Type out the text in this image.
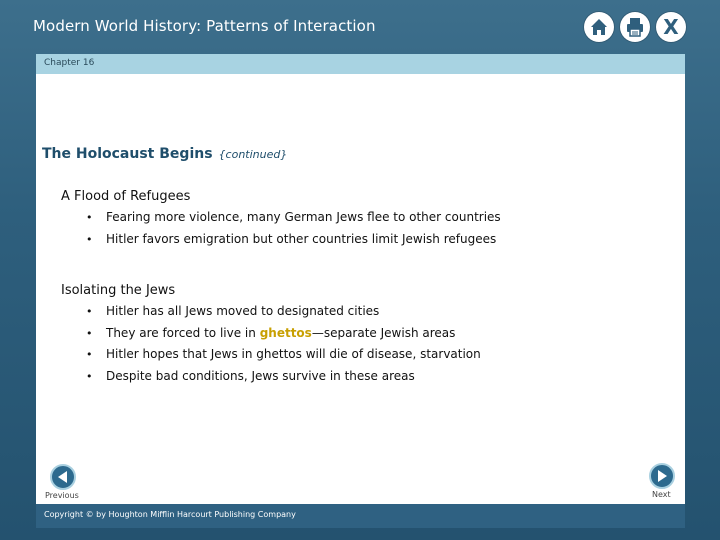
Modern World History: Patterns of Interaction	X
Chapter 16
The Holocaust Begins {continued}
A Flood of Refugees
• Fearing more violence, many German Jews flee to other countries
• Hitler favors emigration but other countries limit Jewish refugees
Isolating the Jews
• Hitler has all Jews moved to designated cities
• They are forced to live in ghettos—separate Jewish areas
• Hitler hopes that Jews in ghettos will die of disease, starvation
• Despite bad conditions, Jews survive in these areas
Previous	Next
Copyright © by Houghton Mifflin Harcourt Publishing Company
